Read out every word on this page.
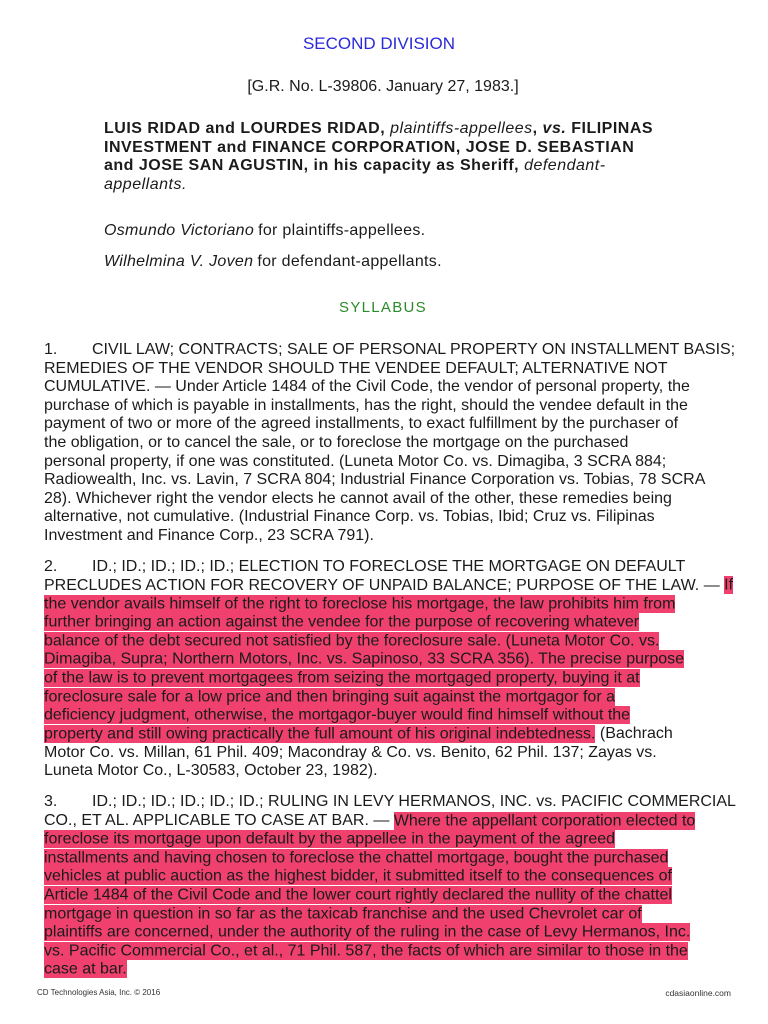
SECOND DIVISION
[G.R. No. L-39806. January 27, 1983.]
LUIS RIDAD and LOURDES RIDAD, plaintiffs-appellees, vs. FILIPINAS
INVESTMENT and FINANCE CORPORATION, JOSE D. SEBASTIAN
and JOSE SAN AGUSTIN, in his capacity as Sheriff, defendant-
appellants.
Osmundo Victoriano for plaintiffs-appellees.
Wilhelmina V. Joven for defendant-appellants.
SYLLABUS
1. CIVIL LAW; CONTRACTS; SALE OF PERSONAL PROPERTY ON INSTALLMENT BASIS;
REMEDIES OF THE VENDOR SHOULD THE VENDEE DEFAULT; ALTERNATIVE NOT
CUMULATIVE. — Under Article 1484 of the Civil Code, the vendor of personal property, the
purchase of which is payable in installments, has the right, should the vendee default in the
payment of two or more of the agreed installments, to exact fulfillment by the purchaser of
the obligation, or to cancel the sale, or to foreclose the mortgage on the purchased
personal property, if one was constituted. (Luneta Motor Co. vs. Dimagiba, 3 SCRA 884;
Radiowealth, Inc. vs. Lavin, 7 SCRA 804; Industrial Finance Corporation vs. Tobias, 78 SCRA
28). Whichever right the vendor elects he cannot avail of the other, these remedies being
alternative, not cumulative. (Industrial Finance Corp. vs. Tobias, Ibid; Cruz vs. Filipinas
Investment and Finance Corp., 23 SCRA 791).
2. ID.; ID.; ID.; ID.; ID.; ELECTION TO FORECLOSE THE MORTGAGE ON DEFAULT
PRECLUDES ACTION FOR RECOVERY OF UNPAID BALANCE; PURPOSE OF THE LAW. — If
the vendor avails himself of the right to foreclose his mortgage, the law prohibits him from
further bringing an action against the vendee for the purpose of recovering whatever
balance of the debt secured not satisfied by the foreclosure sale. (Luneta Motor Co. vs.
Dimagiba, Supra; Northern Motors, Inc. vs. Sapinoso, 33 SCRA 356). The precise purpose
of the law is to prevent mortgagees from seizing the mortgaged property, buying it at
foreclosure sale for a low price and then bringing suit against the mortgagor for a
deficiency judgment, otherwise, the mortgagor-buyer would find himself without the
property and still owing practically the full amount of his original indebtedness. (Bachrach
Motor Co. vs. Millan, 61 Phil. 409; Macondray & Co. vs. Benito, 62 Phil. 137; Zayas vs.
Luneta Motor Co., L-30583, October 23, 1982).
3. ID.; ID.; ID.; ID.; ID.; ID.; RULING IN LEVY HERMANOS, INC. vs. PACIFIC COMMERCIAL
CO., ET AL. APPLICABLE TO CASE AT BAR. — Where the appellant corporation elected to
foreclose its mortgage upon default by the appellee in the payment of the agreed
installments and having chosen to foreclose the chattel mortgage, bought the purchased
vehicles at public auction as the highest bidder, it submitted itself to the consequences of
Article 1484 of the Civil Code and the lower court rightly declared the nullity of the chattel
mortgage in question in so far as the taxicab franchise and the used Chevrolet car of
plaintiffs are concerned, under the authority of the ruling in the case of Levy Hermanos, Inc.
vs. Pacific Commercial Co., et al., 71 Phil. 587, the facts of which are similar to those in the
case at bar.
CD Technologies Asia, Inc. © 2016	cdasiaonline.com
